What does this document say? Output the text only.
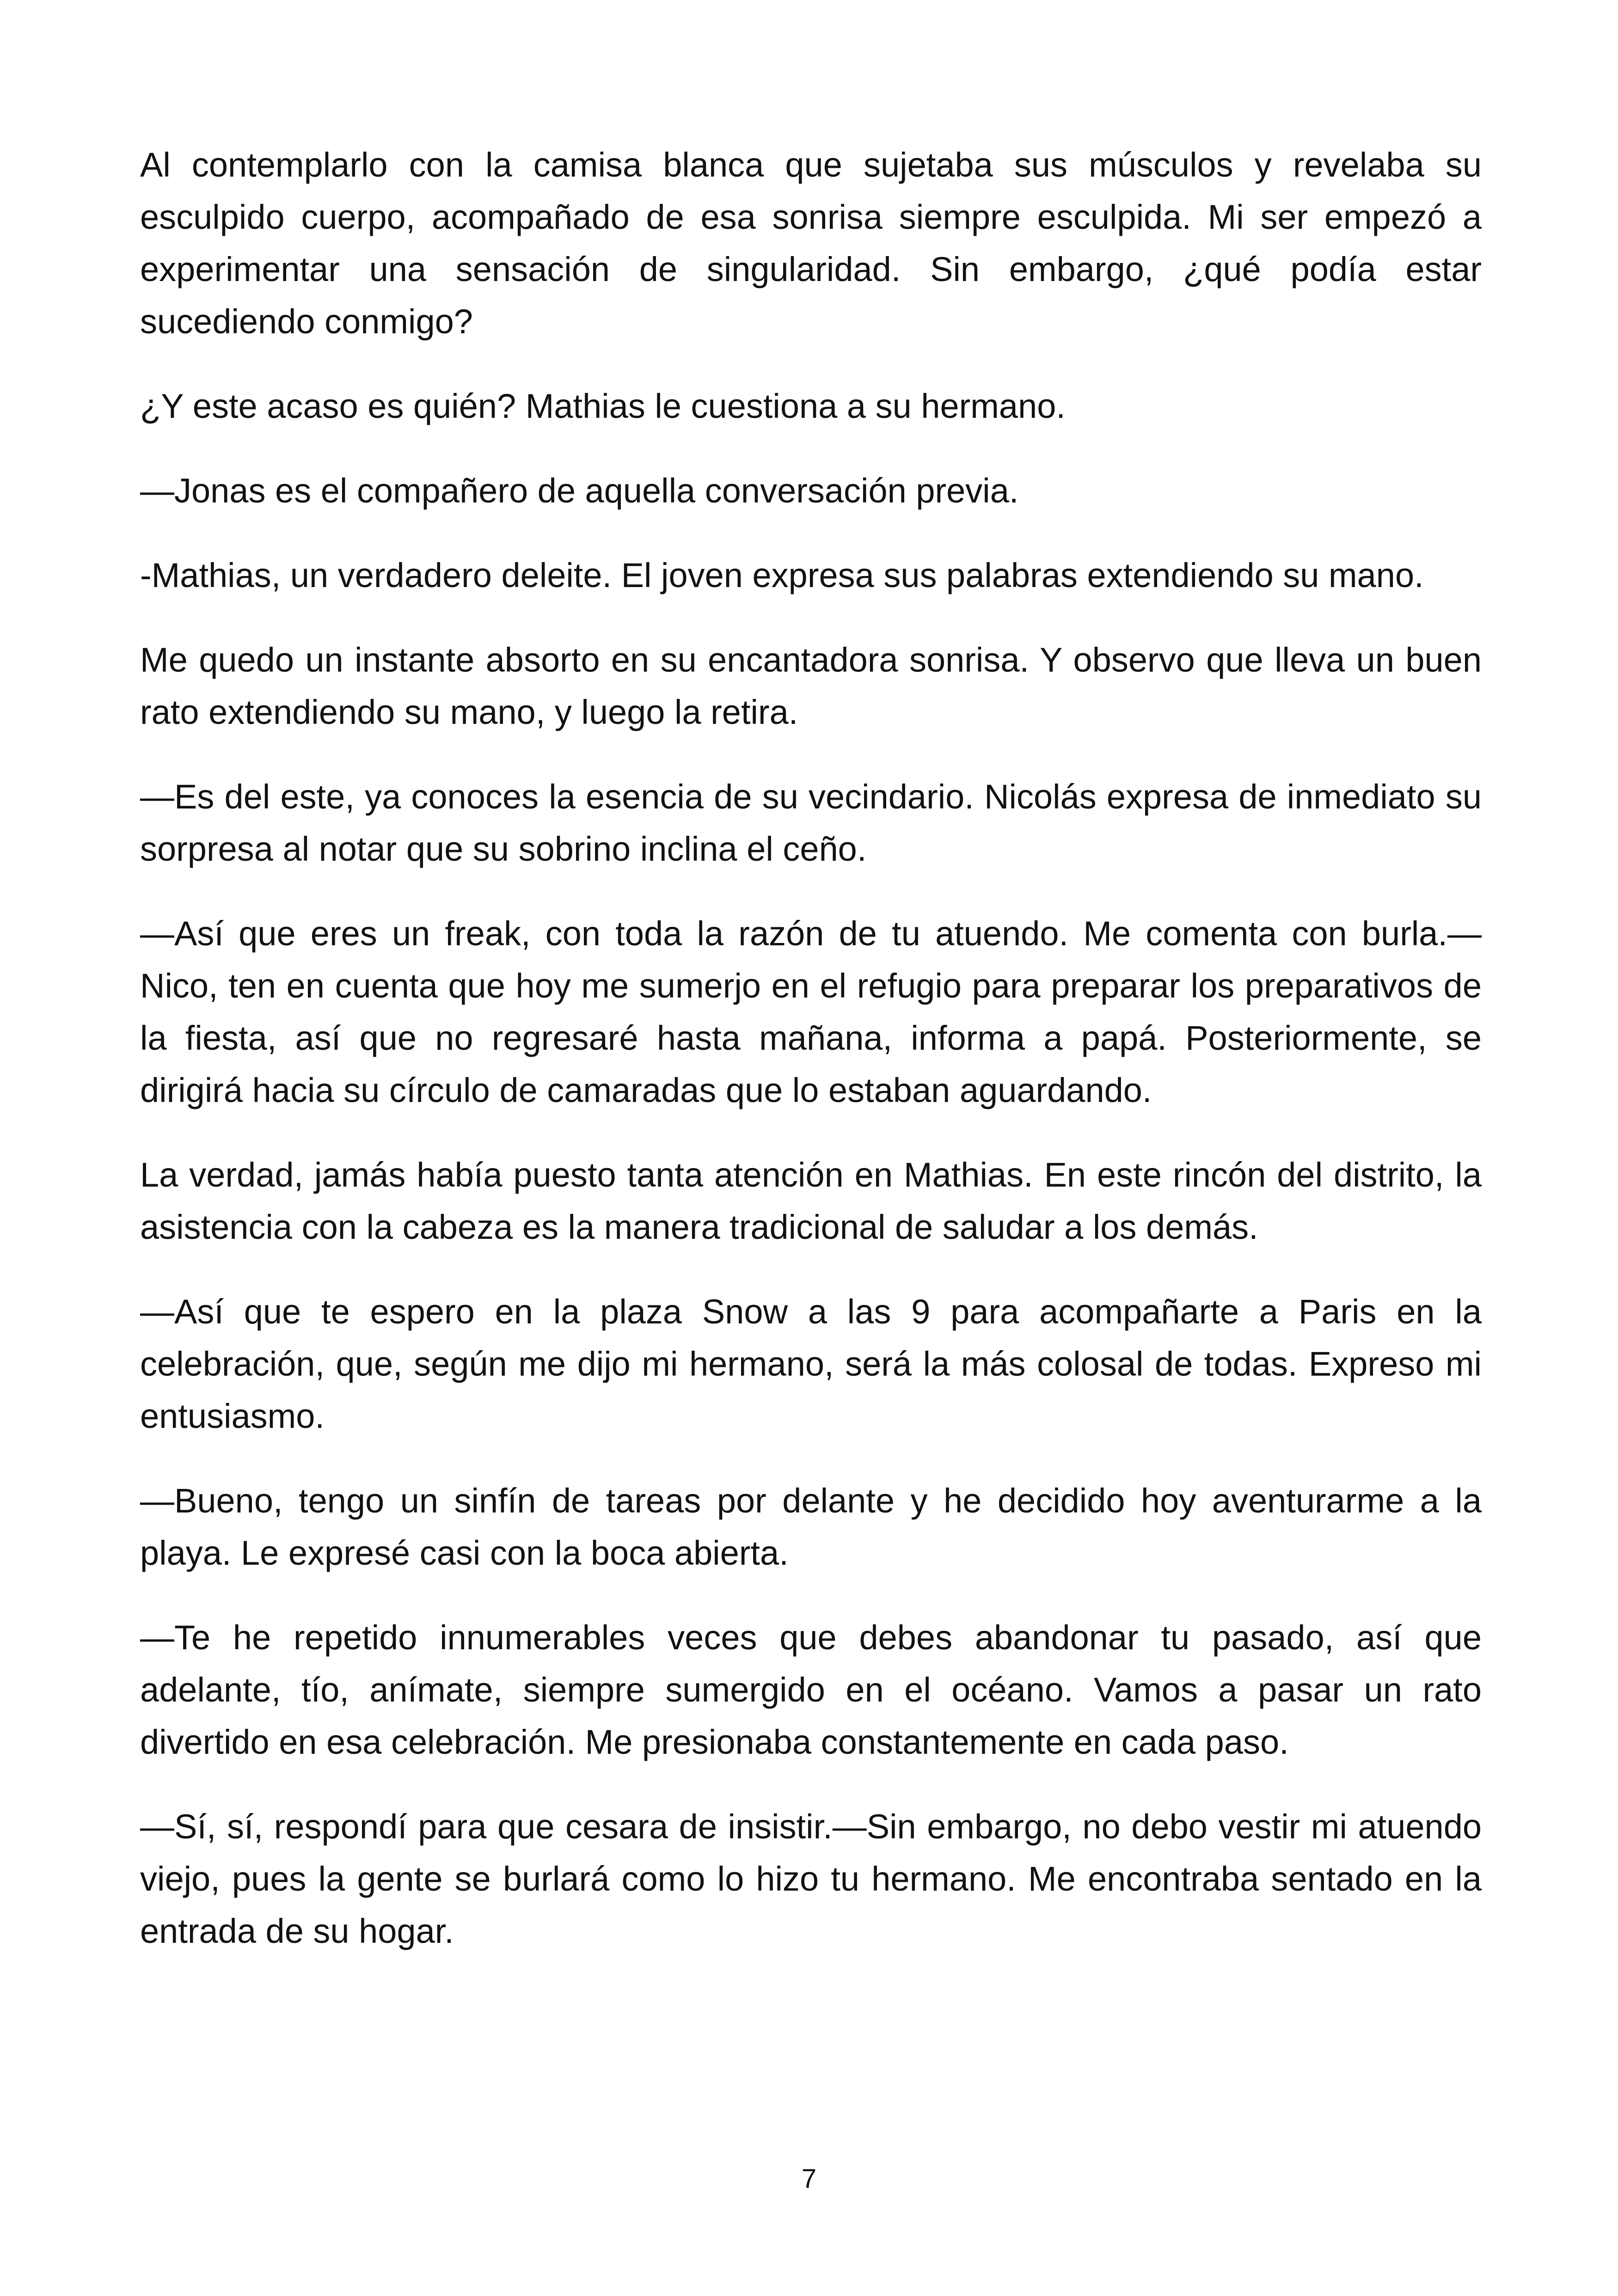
Al contemplarlo con la camisa blanca que sujetaba sus músculos y revelaba su esculpido cuerpo, acompañado de esa sonrisa siempre esculpida. Mi ser empezó a experimentar una sensación de singularidad. Sin embargo, ¿qué podía estar sucediendo conmigo?

¿Y este acaso es quién? Mathias le cuestiona a su hermano.

—Jonas es el compañero de aquella conversación previa.

-Mathias, un verdadero deleite. El joven expresa sus palabras extendiendo su mano.

Me quedo un instante absorto en su encantadora sonrisa. Y observo que lleva un buen rato extendiendo su mano, y luego la retira.

—Es del este, ya conoces la esencia de su vecindario. Nicolás expresa de inmediato su sorpresa al notar que su sobrino inclina el ceño.

—Así que eres un freak, con toda la razón de tu atuendo. Me comenta con burla.— Nico, ten en cuenta que hoy me sumerjo en el refugio para preparar los preparativos de la fiesta, así que no regresaré hasta mañana, informa a papá. Posteriormente, se dirigirá hacia su círculo de camaradas que lo estaban aguardando.

La verdad, jamás había puesto tanta atención en Mathias. En este rincón del distrito, la asistencia con la cabeza es la manera tradicional de saludar a los demás.

—Así que te espero en la plaza Snow a las 9 para acompañarte a Paris en la celebración, que, según me dijo mi hermano, será la más colosal de todas. Expreso mi entusiasmo.

—Bueno, tengo un sinfín de tareas por delante y he decidido hoy aventurarme a la playa. Le expresé casi con la boca abierta.

—Te he repetido innumerables veces que debes abandonar tu pasado, así que adelante, tío, anímate, siempre sumergido en el océano. Vamos a pasar un rato divertido en esa celebración. Me presionaba constantemente en cada paso.

—Sí, sí, respondí para que cesara de insistir.—Sin embargo, no debo vestir mi atuendo viejo, pues la gente se burlará como lo hizo tu hermano. Me encontraba sentado en la entrada de su hogar.

7
